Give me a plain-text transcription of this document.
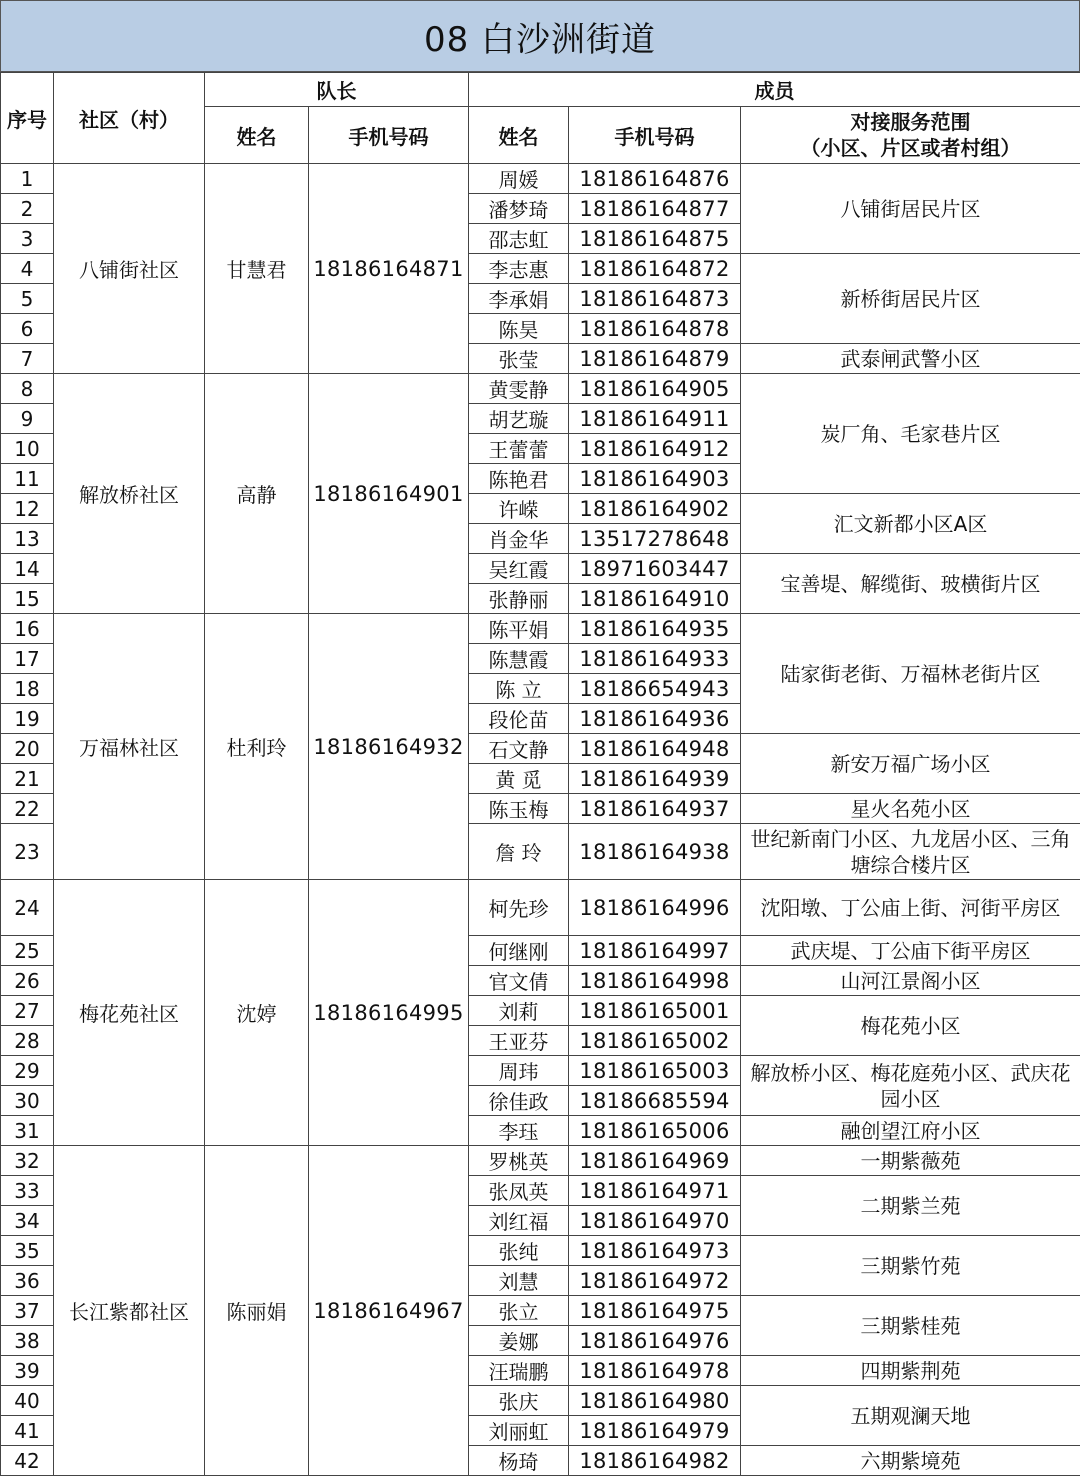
08 白沙洲街道
序号	社区（村）	队长		成员		
		姓名	手机号码	姓名	手机号码	对接服务范围
（小区、片区或者村组）
1	八铺街社区	甘慧君	18186164871	周媛	18186164876	八铺街居民片区
2				潘梦琦	18186164877	
3				邵志虹	18186164875	
4				李志惠	18186164872	新桥街居民片区
5				李承娟	18186164873	
6				陈昊	18186164878	
7				张莹	18186164879	武泰闸武警小区
8	解放桥社区	高静	18186164901	黄雯静	18186164905	炭厂角、毛家巷片区
9				胡艺璇	18186164911	
10				王蕾蕾	18186164912	
11				陈艳君	18186164903	
12				许嵘	18186164902	汇文新都小区A区
13				肖金华	13517278648	
14				吴红霞	18971603447	宝善堤、解缆街、玻横街片区
15				张静丽	18186164910	
16	万福林社区	杜利玲	18186164932	陈平娟	18186164935	陆家街老街、万福林老街片区
17				陈慧霞	18186164933	
18				陈 立	18186654943	
19				段伦苗	18186164936	
20				石文静	18186164948	新安万福广场小区
21				黄 觅	18186164939	
22				陈玉梅	18186164937	星火名苑小区
23				詹 玲	18186164938	世纪新南门小区、九龙居小区、三角塘综合楼片区
24	梅花苑社区	沈婷	18186164995	柯先珍	18186164996	沈阳墩、丁公庙上街、河街平房区
25				何继刚	18186164997	武庆堤、丁公庙下街平房区
26				官文倩	18186164998	山河江景阁小区
27				刘莉	18186165001	梅花苑小区
28				王亚芬	18186165002	
29				周玮	18186165003	解放桥小区、梅花庭苑小区、武庆花园小区
30				徐佳政	18186685594	
31				李珏	18186165006	融创望江府小区
32	长江紫都社区	陈丽娟	18186164967	罗桃英	18186164969	一期紫薇苑
33				张凤英	18186164971	二期紫兰苑
34				刘红福	18186164970	
35				张纯	18186164973	三期紫竹苑
36				刘慧	18186164972	
37				张立	18186164975	三期紫桂苑
38				姜娜	18186164976	
39				汪瑞鹏	18186164978	四期紫荆苑
40				张庆	18186164980	五期观澜天地
41				刘丽虹	18186164979	
42				杨琦	18186164982	六期紫境苑
